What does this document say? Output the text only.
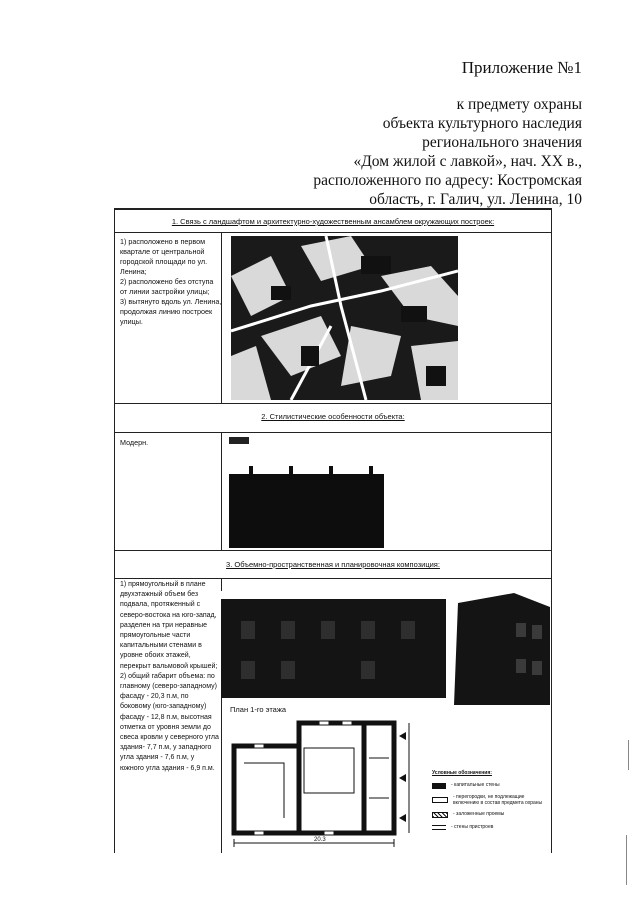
Приложение №1
к предмету охраны
объекта культурного наследия
регионального значения
«Дом жилой с лавкой», нач. XX в.,
расположенного по адресу: Костромская
область, г. Галич, ул. Ленина, 10
1. Связь с ландшафтом и архитектурно-художественным ансамблем окружающих построек:
1) расположено в первом квартале от центральной городской площади по ул. Ленина;
2) расположено без отступа от линии застройки улицы;
3) вытянуто вдоль ул. Ленина, продолжая линию построек улицы.
2. Стилистические особенности объекта:
Модерн.
3. Объемно-пространственная и планировочная композиция:
1) прямоугольный в плане двухэтажный объем без подвала, протяженный с северо-востока на юго-запад, разделен на три неравные прямоугольные части капитальными стенами в уровне обоих этажей, перекрыт вальмовой крышей;
2) общий габарит объема: по главному (северо-западному) фасаду - 20,3 п.м, по боковому (юго-западному) фасаду - 12,8 п.м, высотная отметка от уровня земли до свеса кровли у северного угла здания- 7,7 п.м, у западного угла здания - 7,6 п.м, у южного угла здания - 6,9 п.м.
План 1-го этажа
20.3
Условные обозначения:
- капитальные стены
- перегородки, не подлежащие включению в состав предмета охраны
- заложенные проемы
- стены пристроев
